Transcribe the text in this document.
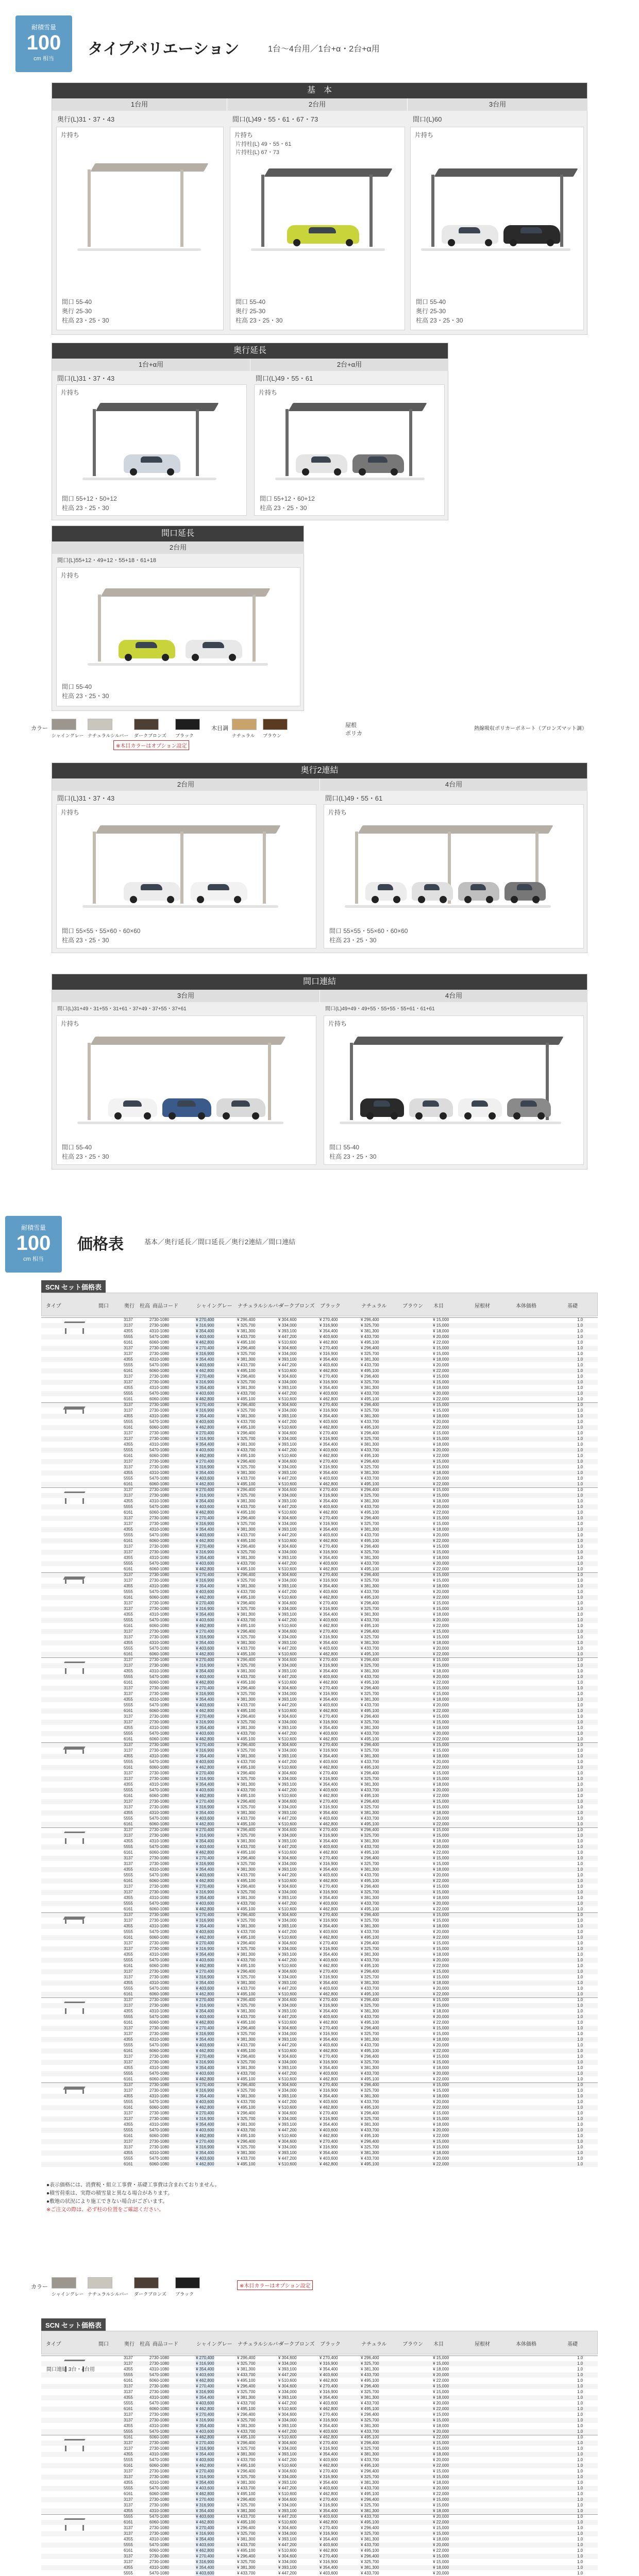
耐積雪量
100
cm 相当
タイプバリエーション	1台〜4台用／1台+α・2台+α用
基　本
1台用	2台用	3台用
奥行(L)31・37・43	間口(L)49・55・61・67・73	間口(L)60
片持ち
間口 55-40
奥行 25-30
柱高 23・25・30
片持ち
片持柱(L) 49・55・61
片持柱(L) 67・73
間口 55-40
奥行 25-30
柱高 23・25・30
片持ち
間口 55-40
奥行 25-30
柱高 23・25・30
奥行延長
1台+α用	2台+α用
間口(L)31・37・43	間口(L)49・55・61
片持ち
間口 55+12・50+12
柱高 23・25・30
片持ち
間口 55+12・60+12
柱高 23・25・30
間口延長
2台用
間口(L)55+12・49+12・55+18・61+18
片持ち
間口 55-40
柱高 23・25・30
カラー
シャイングレー ナチュラルシルバー ダークブロンズ ブラック
木目調
ナチュラル ブラウン
※木目カラーはオプション設定
屋根
ポリカ
熱線吸収ポリカーボネート（ブロンズマット調）
奥行2連結
2台用	4台用
間口(L)31・37・43	間口(L)49・55・61
片持ち
間口 55×55・55×60・60×60
柱高 23・25・30
片持ち
間口 55×55・55×60・60×60
柱高 23・25・30
間口連結
3台用	4台用
間口(L)31+49・31+55・31+61・37+49・37+55・37+61	間口(L)49+49・49+55・55+55・55+61・61+61
片持ち
間口 55-40
柱高 23・25・30
片持ち
間口 55-40
柱高 23・25・30
耐積雪量
100
cm 相当
価格表	基本／奥行延長／間口延長／奥行2連結／間口連結
SCN セット価格表
タイプ	間口	奥行 柱高 商品コード	シャイングレー ナチュラルシルバー
ダークブロンズ ブラック	ナチュラル	ブラウン 木目	屋根材	本体価格	基礎
3137	2730-1080	¥ 270,400	¥ 296,400	¥ 304,600	¥ 270,400	¥ 296,400	¥ 15,000	1.0
3137	2730-1080	¥ 316,900	¥ 325,700	¥ 334,000	¥ 316,900	¥ 325,700	¥ 15,000	1.0
4355	4310-1080	¥ 354,400	¥ 381,300	¥ 393,100	¥ 354,400	¥ 381,300	¥ 18,000	1.0
5555	5470-1080	¥ 403,600	¥ 433,700	¥ 447,200	¥ 403,600	¥ 433,700	¥ 20,000	1.0
6161	6060-1080	¥ 462,800	¥ 495,100	¥ 510,600	¥ 462,800	¥ 495,100	¥ 22,000	1.0
3137	2730-1080	¥ 270,400	¥ 296,400	¥ 304,600	¥ 270,400	¥ 296,400	¥ 15,000	1.0
3137	2730-1080	¥ 316,900	¥ 325,700	¥ 334,000	¥ 316,900	¥ 325,700	¥ 15,000	1.0
4355	4310-1080	¥ 354,400	¥ 381,300	¥ 393,100	¥ 354,400	¥ 381,300	¥ 18,000	1.0
5555	5470-1080	¥ 403,600	¥ 433,700	¥ 447,200	¥ 403,600	¥ 433,700	¥ 20,000	1.0
6161	6060-1080	¥ 462,800	¥ 495,100	¥ 510,600	¥ 462,800	¥ 495,100	¥ 22,000	1.0
3137	2730-1080	¥ 270,400	¥ 296,400	¥ 304,600	¥ 270,400	¥ 296,400	¥ 15,000	1.0
3137	2730-1080	¥ 316,900	¥ 325,700	¥ 334,000	¥ 316,900	¥ 325,700	¥ 15,000	1.0
4355	4310-1080	¥ 354,400	¥ 381,300	¥ 393,100	¥ 354,400	¥ 381,300	¥ 18,000	1.0
5555	5470-1080	¥ 403,600	¥ 433,700	¥ 447,200	¥ 403,600	¥ 433,700	¥ 20,000	1.0
6161	6060-1080	¥ 462,800	¥ 495,100	¥ 510,600	¥ 462,800	¥ 495,100	¥ 22,000	1.0
3137	2730-1080	¥ 270,400	¥ 296,400	¥ 304,600	¥ 270,400	¥ 296,400	¥ 15,000	1.0
3137	2730-1080	¥ 316,900	¥ 325,700	¥ 334,000	¥ 316,900	¥ 325,700	¥ 15,000	1.0
4355	4310-1080	¥ 354,400	¥ 381,300	¥ 393,100	¥ 354,400	¥ 381,300	¥ 18,000	1.0
5555	5470-1080	¥ 403,600	¥ 433,700	¥ 447,200	¥ 403,600	¥ 433,700	¥ 20,000	1.0
6161	6060-1080	¥ 462,800	¥ 495,100	¥ 510,600	¥ 462,800	¥ 495,100	¥ 22,000	1.0
3137	2730-1080	¥ 270,400	¥ 296,400	¥ 304,600	¥ 270,400	¥ 296,400	¥ 15,000	1.0
3137	2730-1080	¥ 316,900	¥ 325,700	¥ 334,000	¥ 316,900	¥ 325,700	¥ 15,000	1.0
4355	4310-1080	¥ 354,400	¥ 381,300	¥ 393,100	¥ 354,400	¥ 381,300	¥ 18,000	1.0
5555	5470-1080	¥ 403,600	¥ 433,700	¥ 447,200	¥ 403,600	¥ 433,700	¥ 20,000	1.0
6161	6060-1080	¥ 462,800	¥ 495,100	¥ 510,600	¥ 462,800	¥ 495,100	¥ 22,000	1.0
3137	2730-1080	¥ 270,400	¥ 296,400	¥ 304,600	¥ 270,400	¥ 296,400	¥ 15,000	1.0
3137	2730-1080	¥ 316,900	¥ 325,700	¥ 334,000	¥ 316,900	¥ 325,700	¥ 15,000	1.0
4355	4310-1080	¥ 354,400	¥ 381,300	¥ 393,100	¥ 354,400	¥ 381,300	¥ 18,000	1.0
5555	5470-1080	¥ 403,600	¥ 433,700	¥ 447,200	¥ 403,600	¥ 433,700	¥ 20,000	1.0
6161	6060-1080	¥ 462,800	¥ 495,100	¥ 510,600	¥ 462,800	¥ 495,100	¥ 22,000	1.0
3137	2730-1080	¥ 270,400	¥ 296,400	¥ 304,600	¥ 270,400	¥ 296,400	¥ 15,000	1.0
3137	2730-1080	¥ 316,900	¥ 325,700	¥ 334,000	¥ 316,900	¥ 325,700	¥ 15,000	1.0
4355	4310-1080	¥ 354,400	¥ 381,300	¥ 393,100	¥ 354,400	¥ 381,300	¥ 18,000	1.0
5555	5470-1080	¥ 403,600	¥ 433,700	¥ 447,200	¥ 403,600	¥ 433,700	¥ 20,000	1.0
6161	6060-1080	¥ 462,800	¥ 495,100	¥ 510,600	¥ 462,800	¥ 495,100	¥ 22,000	1.0
3137	2730-1080	¥ 270,400	¥ 296,400	¥ 304,600	¥ 270,400	¥ 296,400	¥ 15,000	1.0
3137	2730-1080	¥ 316,900	¥ 325,700	¥ 334,000	¥ 316,900	¥ 325,700	¥ 15,000	1.0
4355	4310-1080	¥ 354,400	¥ 381,300	¥ 393,100	¥ 354,400	¥ 381,300	¥ 18,000	1.0
5555	5470-1080	¥ 403,600	¥ 433,700	¥ 447,200	¥ 403,600	¥ 433,700	¥ 20,000	1.0
6161	6060-1080	¥ 462,800	¥ 495,100	¥ 510,600	¥ 462,800	¥ 495,100	¥ 22,000	1.0
3137	2730-1080	¥ 270,400	¥ 296,400	¥ 304,600	¥ 270,400	¥ 296,400	¥ 15,000	1.0
3137	2730-1080	¥ 316,900	¥ 325,700	¥ 334,000	¥ 316,900	¥ 325,700	¥ 15,000	1.0
4355	4310-1080	¥ 354,400	¥ 381,300	¥ 393,100	¥ 354,400	¥ 381,300	¥ 18,000	1.0
5555	5470-1080	¥ 403,600	¥ 433,700	¥ 447,200	¥ 403,600	¥ 433,700	¥ 20,000	1.0
6161	6060-1080	¥ 462,800	¥ 495,100	¥ 510,600	¥ 462,800	¥ 495,100	¥ 22,000	1.0
3137	2730-1080	¥ 270,400	¥ 296,400	¥ 304,600	¥ 270,400	¥ 296,400	¥ 15,000	1.0
3137	2730-1080	¥ 316,900	¥ 325,700	¥ 334,000	¥ 316,900	¥ 325,700	¥ 15,000	1.0
4355	4310-1080	¥ 354,400	¥ 381,300	¥ 393,100	¥ 354,400	¥ 381,300	¥ 18,000	1.0
5555	5470-1080	¥ 403,600	¥ 433,700	¥ 447,200	¥ 403,600	¥ 433,700	¥ 20,000	1.0
6161	6060-1080	¥ 462,800	¥ 495,100	¥ 510,600	¥ 462,800	¥ 495,100	¥ 22,000	1.0
3137	2730-1080	¥ 270,400	¥ 296,400	¥ 304,600	¥ 270,400	¥ 296,400	¥ 15,000	1.0
3137	2730-1080	¥ 316,900	¥ 325,700	¥ 334,000	¥ 316,900	¥ 325,700	¥ 15,000	1.0
4355	4310-1080	¥ 354,400	¥ 381,300	¥ 393,100	¥ 354,400	¥ 381,300	¥ 18,000	1.0
5555	5470-1080	¥ 403,600	¥ 433,700	¥ 447,200	¥ 403,600	¥ 433,700	¥ 20,000	1.0
6161	6060-1080	¥ 462,800	¥ 495,100	¥ 510,600	¥ 462,800	¥ 495,100	¥ 22,000	1.0
3137	2730-1080	¥ 270,400	¥ 296,400	¥ 304,600	¥ 270,400	¥ 296,400	¥ 15,000	1.0
3137	2730-1080	¥ 316,900	¥ 325,700	¥ 334,000	¥ 316,900	¥ 325,700	¥ 15,000	1.0
4355	4310-1080	¥ 354,400	¥ 381,300	¥ 393,100	¥ 354,400	¥ 381,300	¥ 18,000	1.0
5555	5470-1080	¥ 403,600	¥ 433,700	¥ 447,200	¥ 403,600	¥ 433,700	¥ 20,000	1.0
6161	6060-1080	¥ 462,800	¥ 495,100	¥ 510,600	¥ 462,800	¥ 495,100	¥ 22,000	1.0
3137	2730-1080	¥ 270,400	¥ 296,400	¥ 304,600	¥ 270,400	¥ 296,400	¥ 15,000	1.0
3137	2730-1080	¥ 316,900	¥ 325,700	¥ 334,000	¥ 316,900	¥ 325,700	¥ 15,000	1.0
4355	4310-1080	¥ 354,400	¥ 381,300	¥ 393,100	¥ 354,400	¥ 381,300	¥ 18,000	1.0
5555	5470-1080	¥ 403,600	¥ 433,700	¥ 447,200	¥ 403,600	¥ 433,700	¥ 20,000	1.0
6161	6060-1080	¥ 462,800	¥ 495,100	¥ 510,600	¥ 462,800	¥ 495,100	¥ 22,000	1.0
3137	2730-1080	¥ 270,400	¥ 296,400	¥ 304,600	¥ 270,400	¥ 296,400	¥ 15,000	1.0
3137	2730-1080	¥ 316,900	¥ 325,700	¥ 334,000	¥ 316,900	¥ 325,700	¥ 15,000	1.0
4355	4310-1080	¥ 354,400	¥ 381,300	¥ 393,100	¥ 354,400	¥ 381,300	¥ 18,000	1.0
5555	5470-1080	¥ 403,600	¥ 433,700	¥ 447,200	¥ 403,600	¥ 433,700	¥ 20,000	1.0
6161	6060-1080	¥ 462,800	¥ 495,100	¥ 510,600	¥ 462,800	¥ 495,100	¥ 22,000	1.0
3137	2730-1080	¥ 270,400	¥ 296,400	¥ 304,600	¥ 270,400	¥ 296,400	¥ 15,000	1.0
3137	2730-1080	¥ 316,900	¥ 325,700	¥ 334,000	¥ 316,900	¥ 325,700	¥ 15,000	1.0
4355	4310-1080	¥ 354,400	¥ 381,300	¥ 393,100	¥ 354,400	¥ 381,300	¥ 18,000	1.0
5555	5470-1080	¥ 403,600	¥ 433,700	¥ 447,200	¥ 403,600	¥ 433,700	¥ 20,000	1.0
6161	6060-1080	¥ 462,800	¥ 495,100	¥ 510,600	¥ 462,800	¥ 495,100	¥ 22,000	1.0
3137	2730-1080	¥ 270,400	¥ 296,400	¥ 304,600	¥ 270,400	¥ 296,400	¥ 15,000	1.0
3137	2730-1080	¥ 316,900	¥ 325,700	¥ 334,000	¥ 316,900	¥ 325,700	¥ 15,000	1.0
4355	4310-1080	¥ 354,400	¥ 381,300	¥ 393,100	¥ 354,400	¥ 381,300	¥ 18,000	1.0
5555	5470-1080	¥ 403,600	¥ 433,700	¥ 447,200	¥ 403,600	¥ 433,700	¥ 20,000	1.0
6161	6060-1080	¥ 462,800	¥ 495,100	¥ 510,600	¥ 462,800	¥ 495,100	¥ 22,000	1.0
3137	2730-1080	¥ 270,400	¥ 296,400	¥ 304,600	¥ 270,400	¥ 296,400	¥ 15,000	1.0
3137	2730-1080	¥ 316,900	¥ 325,700	¥ 334,000	¥ 316,900	¥ 325,700	¥ 15,000	1.0
4355	4310-1080	¥ 354,400	¥ 381,300	¥ 393,100	¥ 354,400	¥ 381,300	¥ 18,000	1.0
5555	5470-1080	¥ 403,600	¥ 433,700	¥ 447,200	¥ 403,600	¥ 433,700	¥ 20,000	1.0
6161	6060-1080	¥ 462,800	¥ 495,100	¥ 510,600	¥ 462,800	¥ 495,100	¥ 22,000	1.0
3137	2730-1080	¥ 270,400	¥ 296,400	¥ 304,600	¥ 270,400	¥ 296,400	¥ 15,000	1.0
3137	2730-1080	¥ 316,900	¥ 325,700	¥ 334,000	¥ 316,900	¥ 325,700	¥ 15,000	1.0
4355	4310-1080	¥ 354,400	¥ 381,300	¥ 393,100	¥ 354,400	¥ 381,300	¥ 18,000	1.0
5555	5470-1080	¥ 403,600	¥ 433,700	¥ 447,200	¥ 403,600	¥ 433,700	¥ 20,000	1.0
6161	6060-1080	¥ 462,800	¥ 495,100	¥ 510,600	¥ 462,800	¥ 495,100	¥ 22,000	1.0
3137	2730-1080	¥ 270,400	¥ 296,400	¥ 304,600	¥ 270,400	¥ 296,400	¥ 15,000	1.0
3137	2730-1080	¥ 316,900	¥ 325,700	¥ 334,000	¥ 316,900	¥ 325,700	¥ 15,000	1.0
4355	4310-1080	¥ 354,400	¥ 381,300	¥ 393,100	¥ 354,400	¥ 381,300	¥ 18,000	1.0
5555	5470-1080	¥ 403,600	¥ 433,700	¥ 447,200	¥ 403,600	¥ 433,700	¥ 20,000	1.0
6161	6060-1080	¥ 462,800	¥ 495,100	¥ 510,600	¥ 462,800	¥ 495,100	¥ 22,000	1.0
3137	2730-1080	¥ 270,400	¥ 296,400	¥ 304,600	¥ 270,400	¥ 296,400	¥ 15,000	1.0
3137	2730-1080	¥ 316,900	¥ 325,700	¥ 334,000	¥ 316,900	¥ 325,700	¥ 15,000	1.0
4355	4310-1080	¥ 354,400	¥ 381,300	¥ 393,100	¥ 354,400	¥ 381,300	¥ 18,000	1.0
5555	5470-1080	¥ 403,600	¥ 433,700	¥ 447,200	¥ 403,600	¥ 433,700	¥ 20,000	1.0
6161	6060-1080	¥ 462,800	¥ 495,100	¥ 510,600	¥ 462,800	¥ 495,100	¥ 22,000	1.0
3137	2730-1080	¥ 270,400	¥ 296,400	¥ 304,600	¥ 270,400	¥ 296,400	¥ 15,000	1.0
3137	2730-1080	¥ 316,900	¥ 325,700	¥ 334,000	¥ 316,900	¥ 325,700	¥ 15,000	1.0
4355	4310-1080	¥ 354,400	¥ 381,300	¥ 393,100	¥ 354,400	¥ 381,300	¥ 18,000	1.0
5555	5470-1080	¥ 403,600	¥ 433,700	¥ 447,200	¥ 403,600	¥ 433,700	¥ 20,000	1.0
6161	6060-1080	¥ 462,800	¥ 495,100	¥ 510,600	¥ 462,800	¥ 495,100	¥ 22,000	1.0
3137	2730-1080	¥ 270,400	¥ 296,400	¥ 304,600	¥ 270,400	¥ 296,400	¥ 15,000	1.0
3137	2730-1080	¥ 316,900	¥ 325,700	¥ 334,000	¥ 316,900	¥ 325,700	¥ 15,000	1.0
4355	4310-1080	¥ 354,400	¥ 381,300	¥ 393,100	¥ 354,400	¥ 381,300	¥ 18,000	1.0
5555	5470-1080	¥ 403,600	¥ 433,700	¥ 447,200	¥ 403,600	¥ 433,700	¥ 20,000	1.0
6161	6060-1080	¥ 462,800	¥ 495,100	¥ 510,600	¥ 462,800	¥ 495,100	¥ 22,000	1.0
3137	2730-1080	¥ 270,400	¥ 296,400	¥ 304,600	¥ 270,400	¥ 296,400	¥ 15,000	1.0
3137	2730-1080	¥ 316,900	¥ 325,700	¥ 334,000	¥ 316,900	¥ 325,700	¥ 15,000	1.0
4355	4310-1080	¥ 354,400	¥ 381,300	¥ 393,100	¥ 354,400	¥ 381,300	¥ 18,000	1.0
5555	5470-1080	¥ 403,600	¥ 433,700	¥ 447,200	¥ 403,600	¥ 433,700	¥ 20,000	1.0
6161	6060-1080	¥ 462,800	¥ 495,100	¥ 510,600	¥ 462,800	¥ 495,100	¥ 22,000	1.0
3137	2730-1080	¥ 270,400	¥ 296,400	¥ 304,600	¥ 270,400	¥ 296,400	¥ 15,000	1.0
3137	2730-1080	¥ 316,900	¥ 325,700	¥ 334,000	¥ 316,900	¥ 325,700	¥ 15,000	1.0
4355	4310-1080	¥ 354,400	¥ 381,300	¥ 393,100	¥ 354,400	¥ 381,300	¥ 18,000	1.0
5555	5470-1080	¥ 403,600	¥ 433,700	¥ 447,200	¥ 403,600	¥ 433,700	¥ 20,000	1.0
6161	6060-1080	¥ 462,800	¥ 495,100	¥ 510,600	¥ 462,800	¥ 495,100	¥ 22,000	1.0
3137	2730-1080	¥ 270,400	¥ 296,400	¥ 304,600	¥ 270,400	¥ 296,400	¥ 15,000	1.0
3137	2730-1080	¥ 316,900	¥ 325,700	¥ 334,000	¥ 316,900	¥ 325,700	¥ 15,000	1.0
4355	4310-1080	¥ 354,400	¥ 381,300	¥ 393,100	¥ 354,400	¥ 381,300	¥ 18,000	1.0
5555	5470-1080	¥ 403,600	¥ 433,700	¥ 447,200	¥ 403,600	¥ 433,700	¥ 20,000	1.0
6161	6060-1080	¥ 462,800	¥ 495,100	¥ 510,600	¥ 462,800	¥ 495,100	¥ 22,000	1.0
3137	2730-1080	¥ 270,400	¥ 296,400	¥ 304,600	¥ 270,400	¥ 296,400	¥ 15,000	1.0
3137	2730-1080	¥ 316,900	¥ 325,700	¥ 334,000	¥ 316,900	¥ 325,700	¥ 15,000	1.0
4355	4310-1080	¥ 354,400	¥ 381,300	¥ 393,100	¥ 354,400	¥ 381,300	¥ 18,000	1.0
5555	5470-1080	¥ 403,600	¥ 433,700	¥ 447,200	¥ 403,600	¥ 433,700	¥ 20,000	1.0
6161	6060-1080	¥ 462,800	¥ 495,100	¥ 510,600	¥ 462,800	¥ 495,100	¥ 22,000	1.0
3137	2730-1080	¥ 270,400	¥ 296,400	¥ 304,600	¥ 270,400	¥ 296,400	¥ 15,000	1.0
3137	2730-1080	¥ 316,900	¥ 325,700	¥ 334,000	¥ 316,900	¥ 325,700	¥ 15,000	1.0
4355	4310-1080	¥ 354,400	¥ 381,300	¥ 393,100	¥ 354,400	¥ 381,300	¥ 18,000	1.0
5555	5470-1080	¥ 403,600	¥ 433,700	¥ 447,200	¥ 403,600	¥ 433,700	¥ 20,000	1.0
6161	6060-1080	¥ 462,800	¥ 495,100	¥ 510,600	¥ 462,800	¥ 495,100	¥ 22,000	1.0
3137	2730-1080	¥ 270,400	¥ 296,400	¥ 304,600	¥ 270,400	¥ 296,400	¥ 15,000	1.0
3137	2730-1080	¥ 316,900	¥ 325,700	¥ 334,000	¥ 316,900	¥ 325,700	¥ 15,000	1.0
4355	4310-1080	¥ 354,400	¥ 381,300	¥ 393,100	¥ 354,400	¥ 381,300	¥ 18,000	1.0
5555	5470-1080	¥ 403,600	¥ 433,700	¥ 447,200	¥ 403,600	¥ 433,700	¥ 20,000	1.0
6161	6060-1080	¥ 462,800	¥ 495,100	¥ 510,600	¥ 462,800	¥ 495,100	¥ 22,000	1.0
3137	2730-1080	¥ 270,400	¥ 296,400	¥ 304,600	¥ 270,400	¥ 296,400	¥ 15,000	1.0
3137	2730-1080	¥ 316,900	¥ 325,700	¥ 334,000	¥ 316,900	¥ 325,700	¥ 15,000	1.0
4355	4310-1080	¥ 354,400	¥ 381,300	¥ 393,100	¥ 354,400	¥ 381,300	¥ 18,000	1.0
5555	5470-1080	¥ 403,600	¥ 433,700	¥ 447,200	¥ 403,600	¥ 433,700	¥ 20,000	1.0
6161	6060-1080	¥ 462,800	¥ 495,100	¥ 510,600	¥ 462,800	¥ 495,100	¥ 22,000	1.0
3137	2730-1080	¥ 270,400	¥ 296,400	¥ 304,600	¥ 270,400	¥ 296,400	¥ 15,000	1.0
3137	2730-1080	¥ 316,900	¥ 325,700	¥ 334,000	¥ 316,900	¥ 325,700	¥ 15,000	1.0
4355	4310-1080	¥ 354,400	¥ 381,300	¥ 393,100	¥ 354,400	¥ 381,300	¥ 18,000	1.0
5555	5470-1080	¥ 403,600	¥ 433,700	¥ 447,200	¥ 403,600	¥ 433,700	¥ 20,000	1.0
6161	6060-1080	¥ 462,800	¥ 495,100	¥ 510,600	¥ 462,800	¥ 495,100	¥ 22,000	1.0

●表示価格には、消費税・組立工事費・基礎工事費は含まれておりません。

●積雪荷重は、実際の積雪量と異なる場合があります。

●敷地の状況により施工できない場合がございます。

※ご注文の際は、必ず柱の位置をご確認ください。

カラー
シャイングレー ナチュラルシルバー ダークブロンズ ブラック
※木目カラーはオプション設定
SCN セット価格表
タイプ	間口	奥行 柱高 商品コード	シャイングレー ナチュラルシルバー
ダークブロンズ ブラック	ナチュラル	ブラウン 木目	屋根材	本体価格	基礎
3137	2730-1080	¥ 270,400	¥ 296,400	¥ 304,600	¥ 270,400	¥ 296,400	¥ 15,000	1.0
3137	2730-1080	¥ 316,900	¥ 325,700	¥ 334,000	¥ 316,900	¥ 325,700	¥ 15,000	1.0
4355	4310-1080	¥ 354,400	¥ 381,300	¥ 393,100	¥ 354,400	¥ 381,300	¥ 18,000	1.0
5555	5470-1080	¥ 403,600	¥ 433,700	¥ 447,200	¥ 403,600	¥ 433,700	¥ 20,000	1.0
6161	6060-1080	¥ 462,800	¥ 495,100	¥ 510,600	¥ 462,800	¥ 495,100	¥ 22,000	1.0
3137	2730-1080	¥ 270,400	¥ 296,400	¥ 304,600	¥ 270,400	¥ 296,400	¥ 15,000	1.0
3137	2730-1080	¥ 316,900	¥ 325,700	¥ 334,000	¥ 316,900	¥ 325,700	¥ 15,000	1.0
4355	4310-1080	¥ 354,400	¥ 381,300	¥ 393,100	¥ 354,400	¥ 381,300	¥ 18,000	1.0
5555	5470-1080	¥ 403,600	¥ 433,700	¥ 447,200	¥ 403,600	¥ 433,700	¥ 20,000	1.0
6161	6060-1080	¥ 462,800	¥ 495,100	¥ 510,600	¥ 462,800	¥ 495,100	¥ 22,000	1.0
3137	2730-1080	¥ 270,400	¥ 296,400	¥ 304,600	¥ 270,400	¥ 296,400	¥ 15,000	1.0
3137	2730-1080	¥ 316,900	¥ 325,700	¥ 334,000	¥ 316,900	¥ 325,700	¥ 15,000	1.0
4355	4310-1080	¥ 354,400	¥ 381,300	¥ 393,100	¥ 354,400	¥ 381,300	¥ 18,000	1.0
5555	5470-1080	¥ 403,600	¥ 433,700	¥ 447,200	¥ 403,600	¥ 433,700	¥ 20,000	1.0
6161	6060-1080	¥ 462,800	¥ 495,100	¥ 510,600	¥ 462,800	¥ 495,100	¥ 22,000	1.0
3137	2730-1080	¥ 270,400	¥ 296,400	¥ 304,600	¥ 270,400	¥ 296,400	¥ 15,000	1.0
3137	2730-1080	¥ 316,900	¥ 325,700	¥ 334,000	¥ 316,900	¥ 325,700	¥ 15,000	1.0
4355	4310-1080	¥ 354,400	¥ 381,300	¥ 393,100	¥ 354,400	¥ 381,300	¥ 18,000	1.0
5555	5470-1080	¥ 403,600	¥ 433,700	¥ 447,200	¥ 403,600	¥ 433,700	¥ 20,000	1.0
6161	6060-1080	¥ 462,800	¥ 495,100	¥ 510,600	¥ 462,800	¥ 495,100	¥ 22,000	1.0
3137	2730-1080	¥ 270,400	¥ 296,400	¥ 304,600	¥ 270,400	¥ 296,400	¥ 15,000	1.0
3137	2730-1080	¥ 316,900	¥ 325,700	¥ 334,000	¥ 316,900	¥ 325,700	¥ 15,000	1.0
4355	4310-1080	¥ 354,400	¥ 381,300	¥ 393,100	¥ 354,400	¥ 381,300	¥ 18,000	1.0
5555	5470-1080	¥ 403,600	¥ 433,700	¥ 447,200	¥ 403,600	¥ 433,700	¥ 20,000	1.0
6161	6060-1080	¥ 462,800	¥ 495,100	¥ 510,600	¥ 462,800	¥ 495,100	¥ 22,000	1.0
3137	2730-1080	¥ 270,400	¥ 296,400	¥ 304,600	¥ 270,400	¥ 296,400	¥ 15,000	1.0
3137	2730-1080	¥ 316,900	¥ 325,700	¥ 334,000	¥ 316,900	¥ 325,700	¥ 15,000	1.0
4355	4310-1080	¥ 354,400	¥ 381,300	¥ 393,100	¥ 354,400	¥ 381,300	¥ 18,000	1.0
5555	5470-1080	¥ 403,600	¥ 433,700	¥ 447,200	¥ 403,600	¥ 433,700	¥ 20,000	1.0
6161	6060-1080	¥ 462,800	¥ 495,100	¥ 510,600	¥ 462,800	¥ 495,100	¥ 22,000	1.0
3137	2730-1080	¥ 270,400	¥ 296,400	¥ 304,600	¥ 270,400	¥ 296,400	¥ 15,000	1.0
3137	2730-1080	¥ 316,900	¥ 325,700	¥ 334,000	¥ 316,900	¥ 325,700	¥ 15,000	1.0
4355	4310-1080	¥ 354,400	¥ 381,300	¥ 393,100	¥ 354,400	¥ 381,300	¥ 18,000	1.0
5555	5470-1080	¥ 403,600	¥ 433,700	¥ 447,200	¥ 403,600	¥ 433,700	¥ 20,000	1.0
6161	6060-1080	¥ 462,800	¥ 495,100	¥ 510,600	¥ 462,800	¥ 495,100	¥ 22,000	1.0
3137	2730-1080	¥ 270,400	¥ 296,400	¥ 304,600	¥ 270,400	¥ 296,400	¥ 15,000	1.0
3137	2730-1080	¥ 316,900	¥ 325,700	¥ 334,000	¥ 316,900	¥ 325,700	¥ 15,000	1.0
4355	4310-1080	¥ 354,400	¥ 381,300	¥ 393,100	¥ 354,400	¥ 381,300	¥ 18,000	1.0
5555	5470-1080	¥ 403,600	¥ 433,700	¥ 447,200	¥ 403,600	¥ 433,700	¥ 20,000	1.0
間口連結 3台・4台用
